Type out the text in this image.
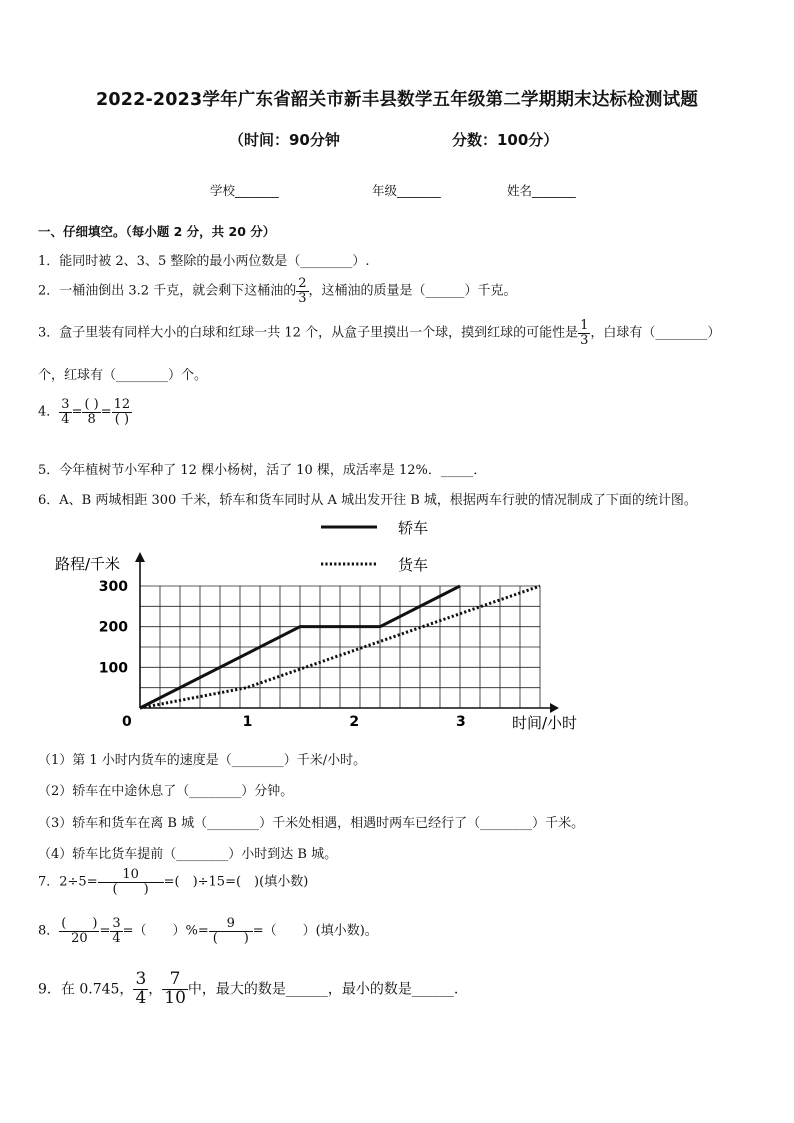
2022-2023学年广东省韶关市新丰县数学五年级第二学期期末达标检测试题
（时间：90分钟	分数：100分）
学校_______	年级_______	姓名_______
一、仔细填空。（每小题 2 分，共 20 分）
1．能同时被 2、3、5 整除的最小两位数是（________）.
2．一桶油倒出 3.2 千克，就会剩下这桶油的 $\frac{2}{3}$ ，这桶油的质量是（______）千克。
3．盒子里装有同样大小的白球和红球一共 12 个，从盒子里摸出一个球，摸到红球的可能性是 $\frac{1}{3}$ ，白球有（________）
个，红球有（________）个。
4． $\frac{3}{4} = \frac{( )}{8} = \frac{12}{( )}$
5．今年植树节小军种了 12 棵小杨树，活了 10 棵，成活率是 12%．_____．
6．A、B 两城相距 300 千米，轿车和货车同时从 A 城出发开往 B 城，根据两车行驶的情况制成了下面的统计图。
0	1	2	3
100
200
300
轿车
货车
路程/千米
时间/小时
（1）第 1 小时内货车的速度是（________）千米/小时。
（2）轿车在中途休息了（________）分钟。
（3）轿车和货车在离 B 城（________）千米处相遇，相遇时两车已经行了（________）千米。
（4）轿车比货车提前（________）小时到达 B 城。
7．$2\div 5= \frac{10}{( )}$ =(　)÷15=(　)(填小数)
8． $\frac{( )}{20} = \frac{3}{4}$ =（　　）%= $\frac{9}{( )}$ =（　　）(填小数)。
9．在 0.745， $\frac{3}{4}$ ， $\frac{7}{10}$ 中，最大的数是______，最小的数是______.
